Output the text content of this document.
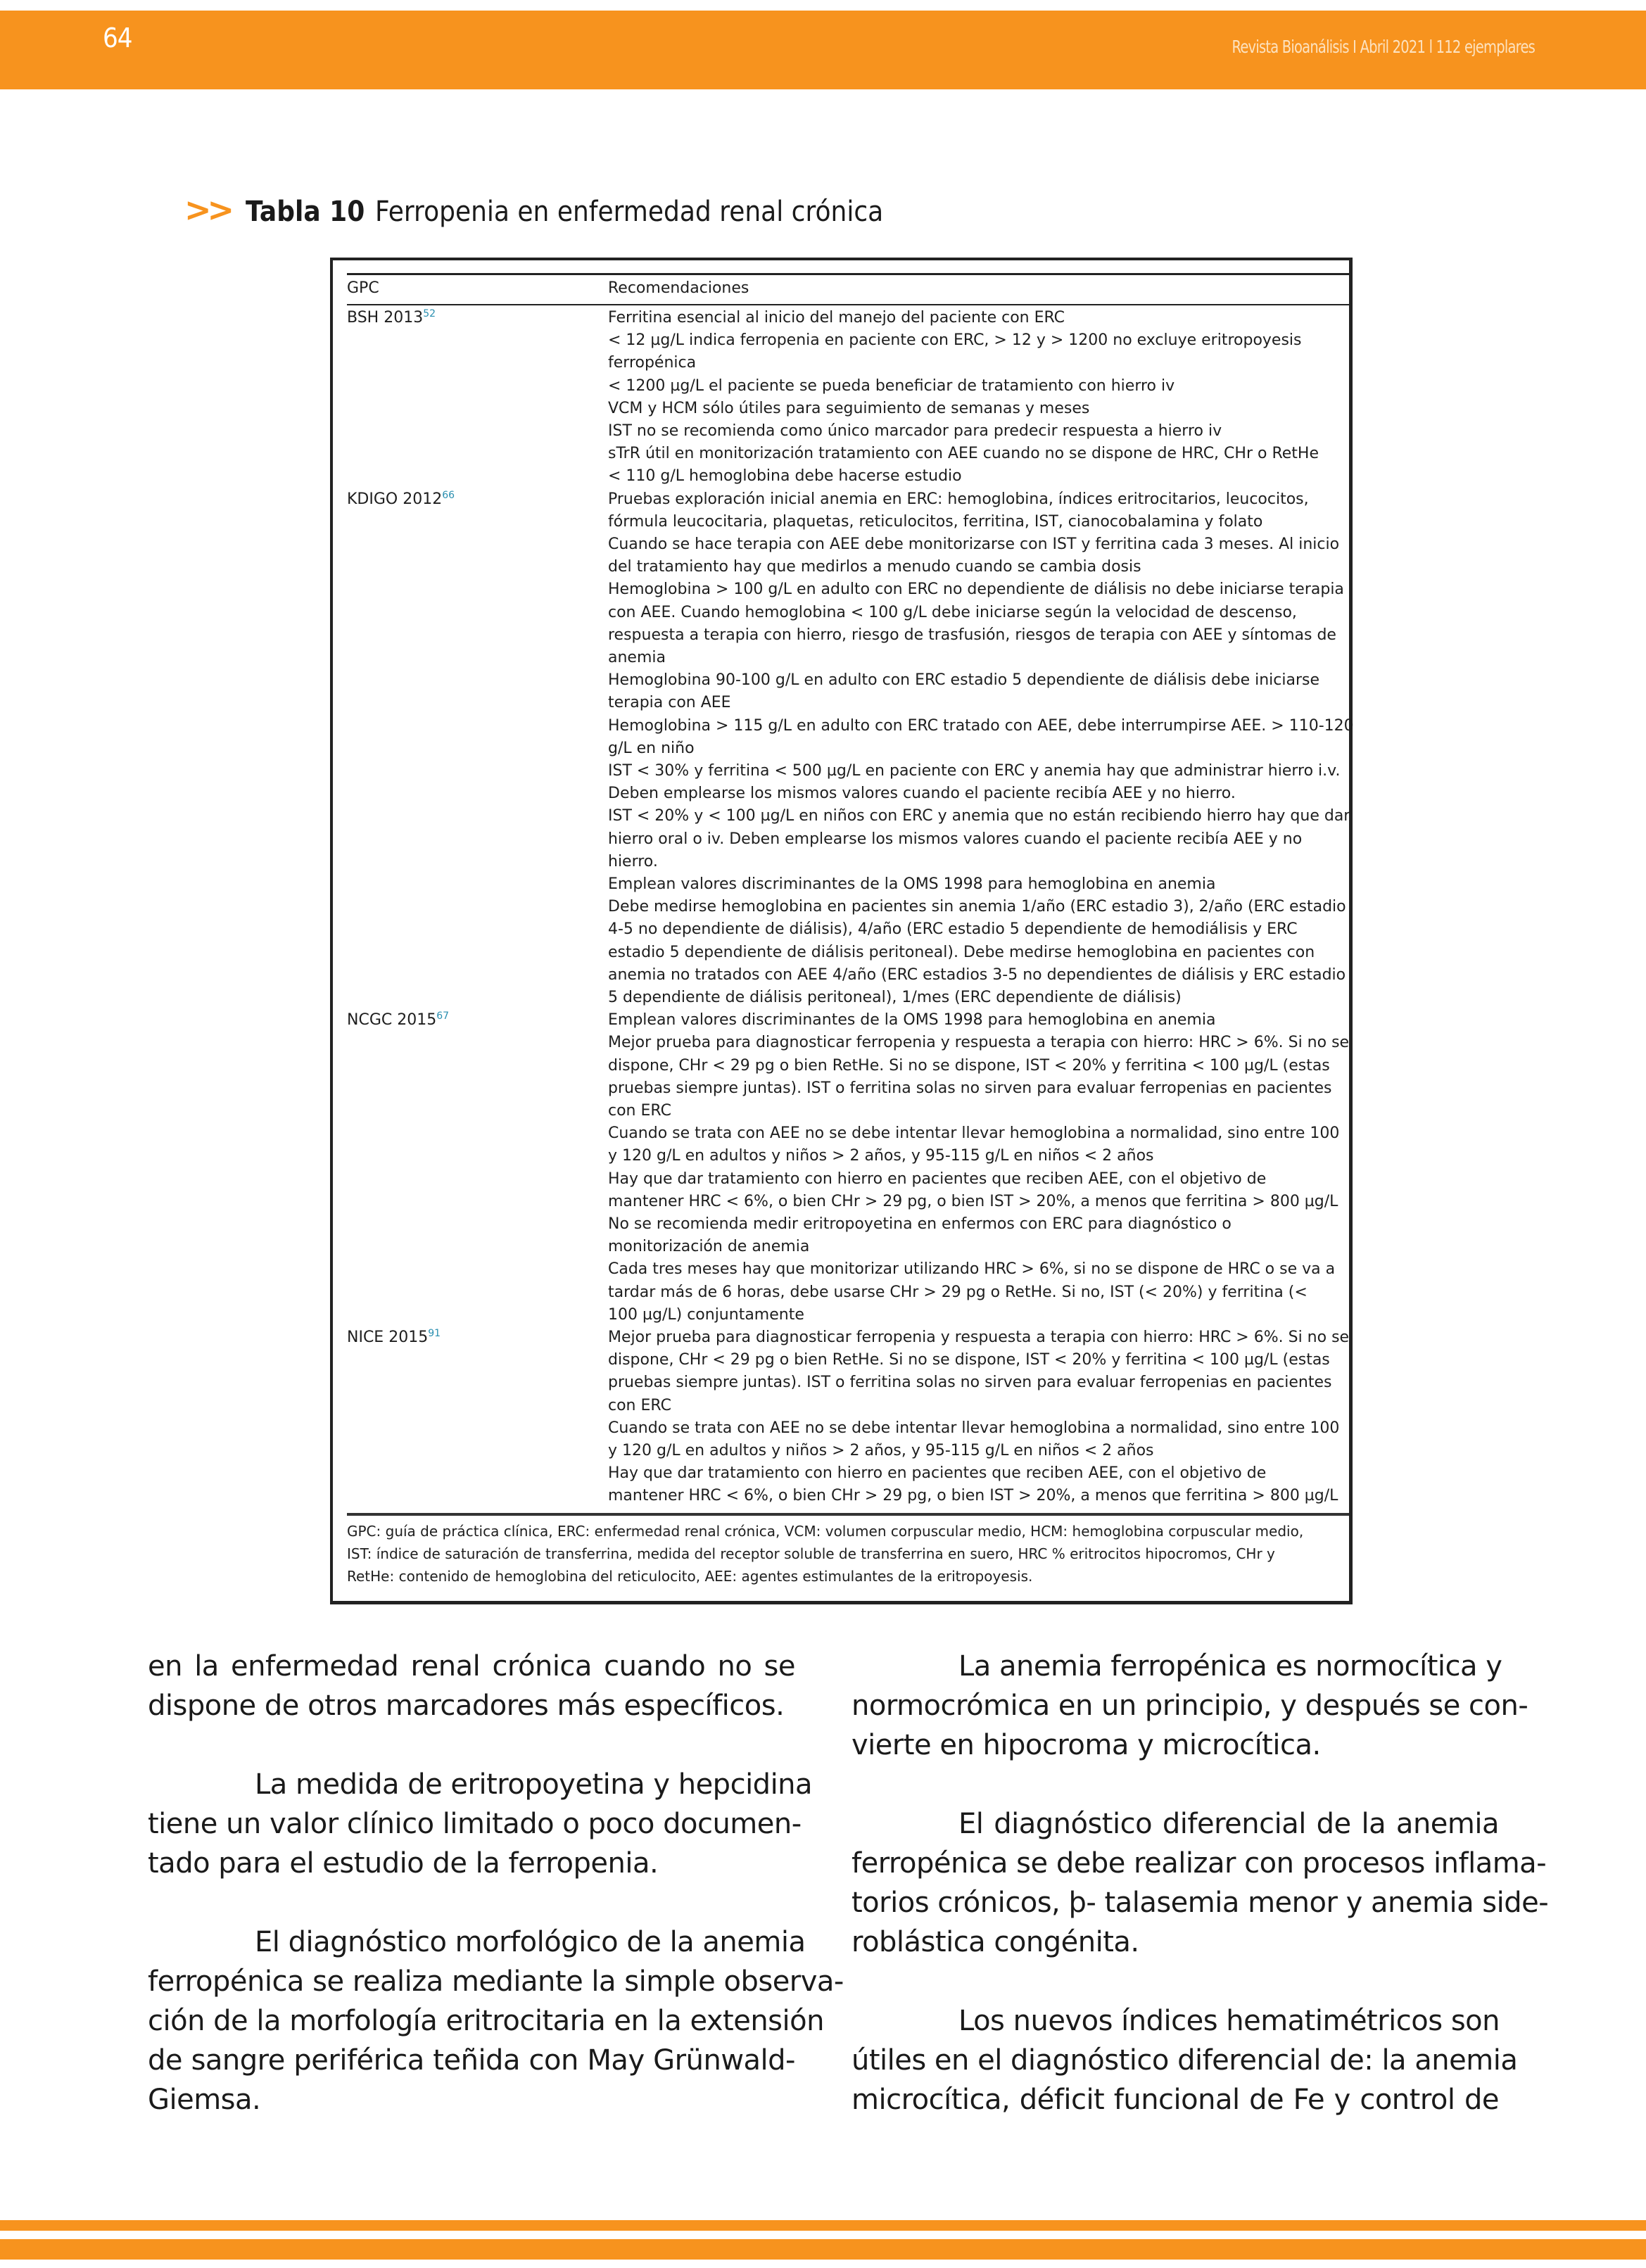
64	Revista Bioanálisis I Abril 2021 l 112 ejemplares
>> Tabla 10 Ferropenia en enfermedad renal crónica
GPC	Recomendaciones
BSH 2013$^{52}$	Ferritina esencial al inicio del manejo del paciente con ERC
< 12 µg/L indica ferropenia en paciente con ERC, > 12 y > 1200 no excluye eritropoyesis
ferropénica
< 1200 µg/L el paciente se pueda beneficiar de tratamiento con hierro iv
VCM y HCM sólo útiles para seguimiento de semanas y meses
IST no se recomienda como único marcador para predecir respuesta a hierro iv
sTrR útil en monitorización tratamiento con AEE cuando no se dispone de HRC, CHr o RetHe
< 110 g/L hemoglobina debe hacerse estudio
KDIGO 2012$^{66}$	Pruebas exploración inicial anemia en ERC: hemoglobina, índices eritrocitarios, leucocitos,
fórmula leucocitaria, plaquetas, reticulocitos, ferritina, IST, cianocobalamina y folato
Cuando se hace terapia con AEE debe monitorizarse con IST y ferritina cada 3 meses. Al inicio
del tratamiento hay que medirlos a menudo cuando se cambia dosis
Hemoglobina > 100 g/L en adulto con ERC no dependiente de diálisis no debe iniciarse terapia
con AEE. Cuando hemoglobina < 100 g/L debe iniciarse según la velocidad de descenso,
respuesta a terapia con hierro, riesgo de trasfusión, riesgos de terapia con AEE y síntomas de
anemia
Hemoglobina 90-100 g/L en adulto con ERC estadio 5 dependiente de diálisis debe iniciarse
terapia con AEE
Hemoglobina > 115 g/L en adulto con ERC tratado con AEE, debe interrumpirse AEE. > 110-120
g/L en niño
IST < 30% y ferritina < 500 µg/L en paciente con ERC y anemia hay que administrar hierro i.v.
Deben emplearse los mismos valores cuando el paciente recibía AEE y no hierro.
IST < 20% y < 100 µg/L en niños con ERC y anemia que no están recibiendo hierro hay que dar
hierro oral o iv. Deben emplearse los mismos valores cuando el paciente recibía AEE y no
hierro.
Emplean valores discriminantes de la OMS 1998 para hemoglobina en anemia
Debe medirse hemoglobina en pacientes sin anemia 1/año (ERC estadio 3), 2/año (ERC estadio
4-5 no dependiente de diálisis), 4/año (ERC estadio 5 dependiente de hemodiálisis y ERC
estadio 5 dependiente de diálisis peritoneal). Debe medirse hemoglobina en pacientes con
anemia no tratados con AEE 4/año (ERC estadios 3-5 no dependientes de diálisis y ERC estadio
5 dependiente de diálisis peritoneal), 1/mes (ERC dependiente de diálisis)
NCGC 2015$^{67}$	Emplean valores discriminantes de la OMS 1998 para hemoglobina en anemia
Mejor prueba para diagnosticar ferropenia y respuesta a terapia con hierro: HRC > 6%. Si no se
dispone, CHr < 29 pg o bien RetHe. Si no se dispone, IST < 20% y ferritina < 100 µg/L (estas
pruebas siempre juntas). IST o ferritina solas no sirven para evaluar ferropenias en pacientes
con ERC
Cuando se trata con AEE no se debe intentar llevar hemoglobina a normalidad, sino entre 100
y 120 g/L en adultos y niños > 2 años, y 95-115 g/L en niños < 2 años
Hay que dar tratamiento con hierro en pacientes que reciben AEE, con el objetivo de
mantener HRC < 6%, o bien CHr > 29 pg, o bien IST > 20%, a menos que ferritina > 800 µg/L
No se recomienda medir eritropoyetina en enfermos con ERC para diagnóstico o
monitorización de anemia
Cada tres meses hay que monitorizar utilizando HRC > 6%, si no se dispone de HRC o se va a
tardar más de 6 horas, debe usarse CHr > 29 pg o RetHe. Si no, IST (< 20%) y ferritina (<
100 µg/L) conjuntamente
NICE 2015$^{91}$	Mejor prueba para diagnosticar ferropenia y respuesta a terapia con hierro: HRC > 6%. Si no se
dispone, CHr < 29 pg o bien RetHe. Si no se dispone, IST < 20% y ferritina < 100 µg/L (estas
pruebas siempre juntas). IST o ferritina solas no sirven para evaluar ferropenias en pacientes
con ERC
Cuando se trata con AEE no se debe intentar llevar hemoglobina a normalidad, sino entre 100
y 120 g/L en adultos y niños > 2 años, y 95-115 g/L en niños < 2 años
Hay que dar tratamiento con hierro en pacientes que reciben AEE, con el objetivo de
mantener HRC < 6%, o bien CHr > 29 pg, o bien IST > 20%, a menos que ferritina > 800 µg/L
GPC: guía de práctica clínica, ERC: enfermedad renal crónica, VCM: volumen corpuscular medio, HCM: hemoglobina corpuscular medio,
IST: índice de saturación de transferrina, medida del receptor soluble de transferrina en suero, HRC % eritrocitos hipocromos, CHr y
RetHe: contenido de hemoglobina del reticulocito, AEE: agentes estimulantes de la eritropoyesis.
en la enfermedad renal crónica cuando no se
dispone de otros marcadores más específicos.
La medida de eritropoyetina y hepcidina
tiene un valor clínico limitado o poco documen-
tado para el estudio de la ferropenia.
El diagnóstico morfológico de la anemia
ferropénica se realiza mediante la simple observa-
ción de la morfología eritrocitaria en la extensión
de sangre periférica teñida con May Grünwald-
Giemsa.
La anemia ferropénica es normocítica y
normocrómica en un principio, y después se con-
vierte en hipocroma y microcítica.
El diagnóstico diferencial de la anemia
ferropénica se debe realizar con procesos inflama-
torios crónicos, þ- talasemia menor y anemia side-
roblástica congénita.
Los nuevos índices hematimétricos son
útiles en el diagnóstico diferencial de: la anemia
microcítica, déficit funcional de Fe y control de
